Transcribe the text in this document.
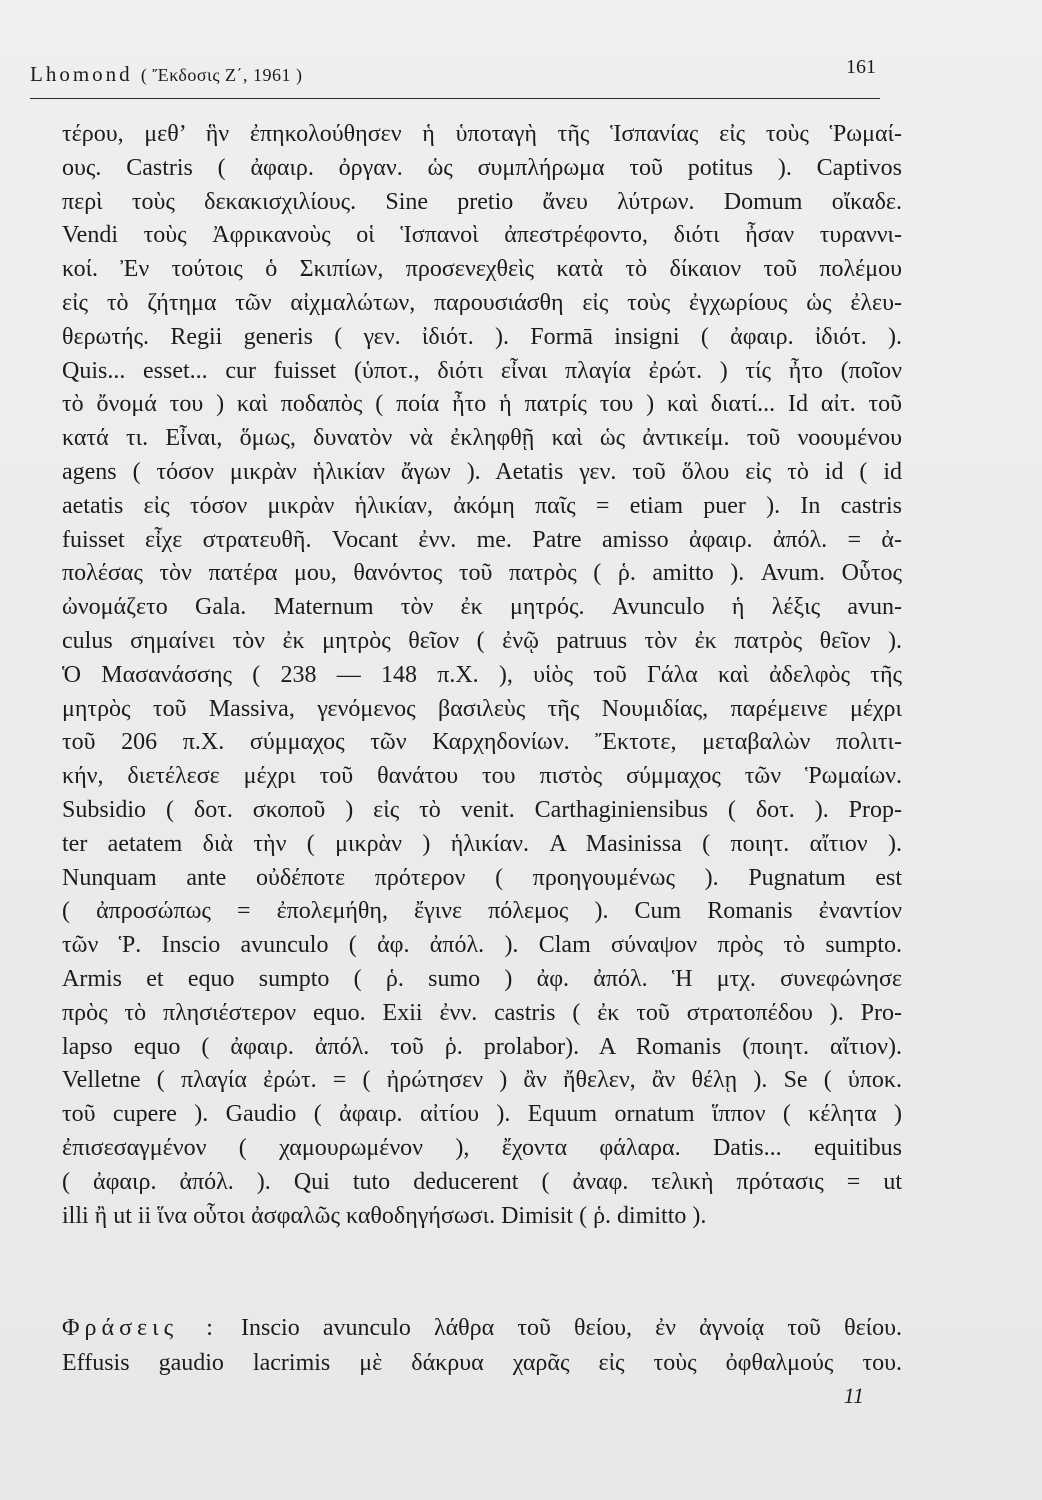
Lhomond ( Ἔκδοσις Ζ΄, 1961 )	161
τέρου, μεθ’ ἣν ἐπηκολούθησεν ἡ ὑποταγὴ τῆς Ἱσπανίας εἰς τοὺς Ῥωμαί-
ους. Castris ( ἀφαιρ. ὀργαν. ὡς συμπλήρωμα τοῦ potitus ). Captivos
περὶ τοὺς δεκακισχιλίους. Sine pretio ἄνευ λύτρων. Domum οἴκαδε.
Vendi τοὺς Ἀφρικανοὺς οἱ Ἱσπανοὶ ἀπεστρέφοντο, διότι ἦσαν τυραννι-
κοί. Ἐν τούτοις ὁ Σκιπίων, προσενεχθεὶς κατὰ τὸ δίκαιον τοῦ πολέμου
εἰς τὸ ζήτημα τῶν αἰχμαλώτων, παρουσιάσθη εἰς τοὺς ἐγχωρίους ὡς ἐλευ-
θερωτής. Regii generis ( γεν. ἰδιότ. ). Formā insigni ( ἀφαιρ. ἰδιότ. ).
Quis... esset... cur fuisset (ὑποτ., διότι εἶναι πλαγία ἐρώτ. ) τίς ἦτο (ποῖον
τὸ ὄνομά του ) καὶ ποδαπὸς ( ποία ἦτο ἡ πατρίς του ) καὶ διατί... Id αἰτ. τοῦ
κατά τι. Εἶναι, ὅμως, δυνατὸν νὰ ἐκληφθῇ καὶ ὡς ἀντικείμ. τοῦ νοουμένου
agens ( τόσον μικρὰν ἡλικίαν ἄγων ). Aetatis γεν. τοῦ ὅλου εἰς τὸ id ( id
aetatis εἰς τόσον μικρὰν ἡλικίαν, ἀκόμη παῖς = etiam puer ). In castris
fuisset εἶχε στρατευθῆ. Vocant ἐνν. me. Patre amisso ἀφαιρ. ἀπόλ. = ἀ-
πολέσας τὸν πατέρα μου, θανόντος τοῦ πατρὸς ( ῥ. amitto ). Avum. Οὗτος
ὠνομάζετο Gala. Maternum τὸν ἐκ μητρός. Avunculo ἡ λέξις avun-
culus σημαίνει τὸν ἐκ μητρὸς θεῖον ( ἐνῷ patruus τὸν ἐκ πατρὸς θεῖον ).
Ὁ Μασανάσσης ( 238 — 148 π.Χ. ), υἱὸς τοῦ Γάλα καὶ ἀδελφὸς τῆς
μητρὸς τοῦ Massiva, γενόμενος βασιλεὺς τῆς Νουμιδίας, παρέμεινε μέχρι
τοῦ 206 π.Χ. σύμμαχος τῶν Καρχηδονίων. Ἔκτοτε, μεταβαλὼν πολιτι-
κήν, διετέλεσε μέχρι τοῦ θανάτου του πιστὸς σύμμαχος τῶν Ῥωμαίων.
Subsidio ( δοτ. σκοποῦ ) εἰς τὸ venit. Carthaginiensibus ( δοτ. ). Prop-
ter aetatem διὰ τὴν ( μικρὰν ) ἡλικίαν. A Masinissa ( ποιητ. αἴτιον ).
Nunquam ante οὐδέποτε πρότερον ( προηγουμένως ). Pugnatum est
( ἀπροσώπως = ἐπολεμήθη, ἔγινε πόλεμος ). Cum Romanis ἐναντίον
τῶν Ῥ. Inscio avunculo ( ἀφ. ἀπόλ. ). Clam σύναψον πρὸς τὸ sumpto.
Armis et equo sumpto ( ῥ. sumo ) ἀφ. ἀπόλ. Ἡ μτχ. συνεφώνησε
πρὸς τὸ πλησιέστερον equo. Exii ἐνν. castris ( ἐκ τοῦ στρατοπέδου ). Pro-
lapso equo ( ἀφαιρ. ἀπόλ. τοῦ ῥ. prolabor). A Romanis (ποιητ. αἴτιον).
Velletne ( πλαγία ἐρώτ. = ( ἠρώτησεν ) ἂν ἤθελεν, ἂν θέλῃ ). Se ( ὑποκ.
τοῦ cupere ). Gaudio ( ἀφαιρ. αἰτίου ). Equum ornatum ἵππον ( κέλητα )
ἐπισεσαγμένον ( χαμουρωμένον ), ἔχοντα φάλαρα. Datis... equitibus
( ἀφαιρ. ἀπόλ. ). Qui tuto deducerent ( ἀναφ. τελικὴ πρότασις = ut
illi ἢ ut ii ἵνα οὗτοι ἀσφαλῶς καθοδηγήσωσι. Dimisit ( ῥ. dimitto ).
Φράσεις : Inscio avunculo λάθρα τοῦ θείου, ἐν ἀγνοίᾳ τοῦ θείου.
Effusis gaudio lacrimis μὲ δάκρυα χαρᾶς εἰς τοὺς ὀφθαλμούς του.
11
